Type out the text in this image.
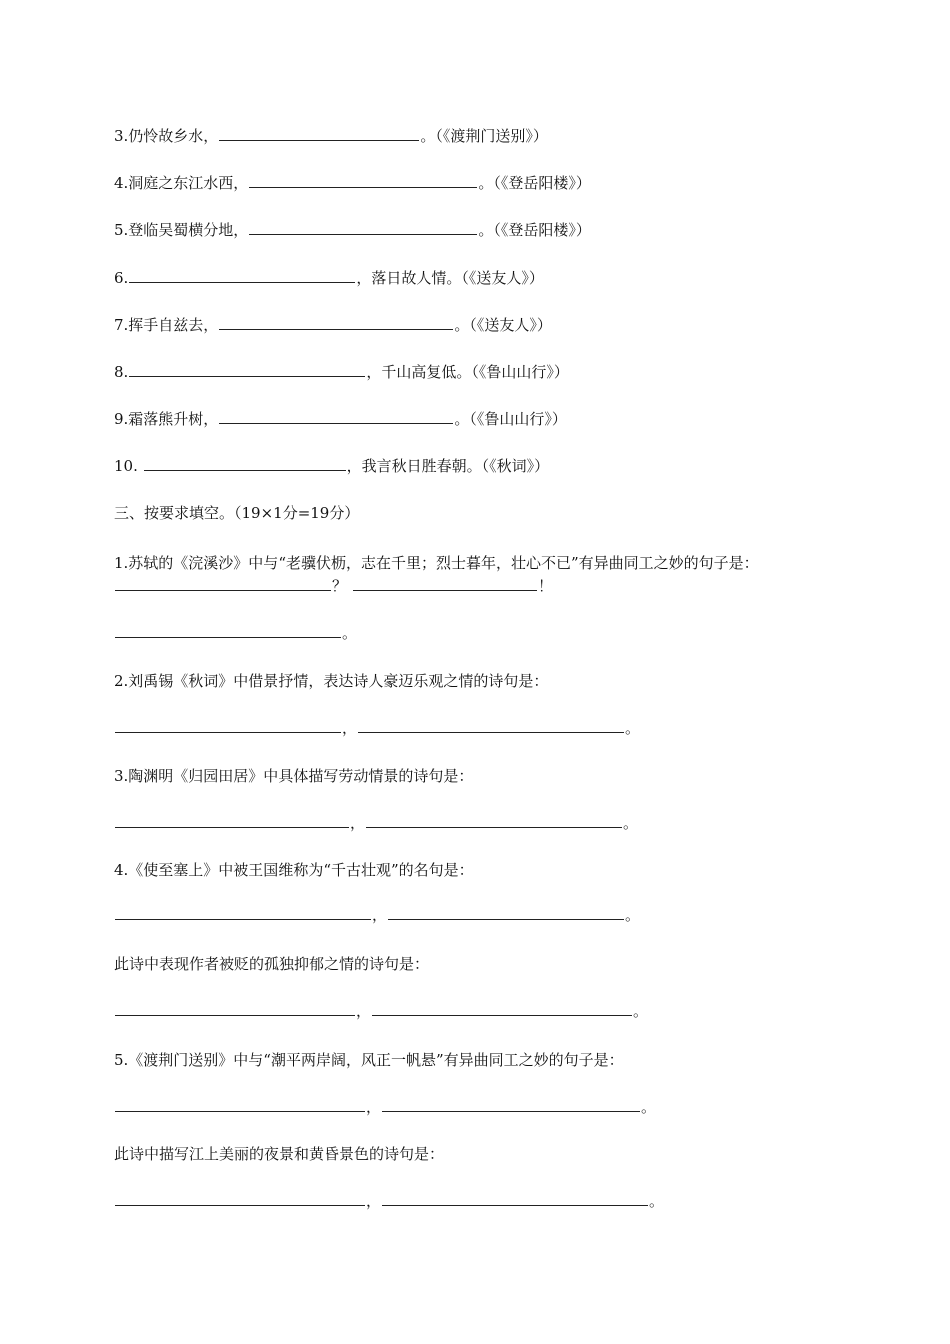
3.仍怜故乡水，	。（《渡荆门送别》）
4.洞庭之东江水西，	。（《登岳阳楼》）
5.登临吴蜀横分地，	。（《登岳阳楼》）
6.	，落日故人情。（《送友人》）
7.挥手自兹去，	。（《送友人》）
8.	，千山高复低。（《鲁山山行》）
9.霜落熊升树，	。（《鲁山山行》）
10.	，我言秋日胜春朝。（《秋词》）
三、按要求填空。（19×1分=19分）
1.苏轼的《浣溪沙》中与“老骥伏枥，志在千里；烈士暮年，壮心不已”有异曲同工之妙的句子是：
？	！
。
2.刘禹锡《秋词》中借景抒情，表达诗人豪迈乐观之情的诗句是：
，	。
3.陶渊明《归园田居》中具体描写劳动情景的诗句是：
，	。
4.《使至塞上》中被王国维称为“千古壮观”的名句是：
，	。
此诗中表现作者被贬的孤独抑郁之情的诗句是：
，	。
5.《渡荆门送别》中与“潮平两岸阔，风正一帆悬”有异曲同工之妙的句子是：
，	。
此诗中描写江上美丽的夜景和黄昏景色的诗句是：
，	。
